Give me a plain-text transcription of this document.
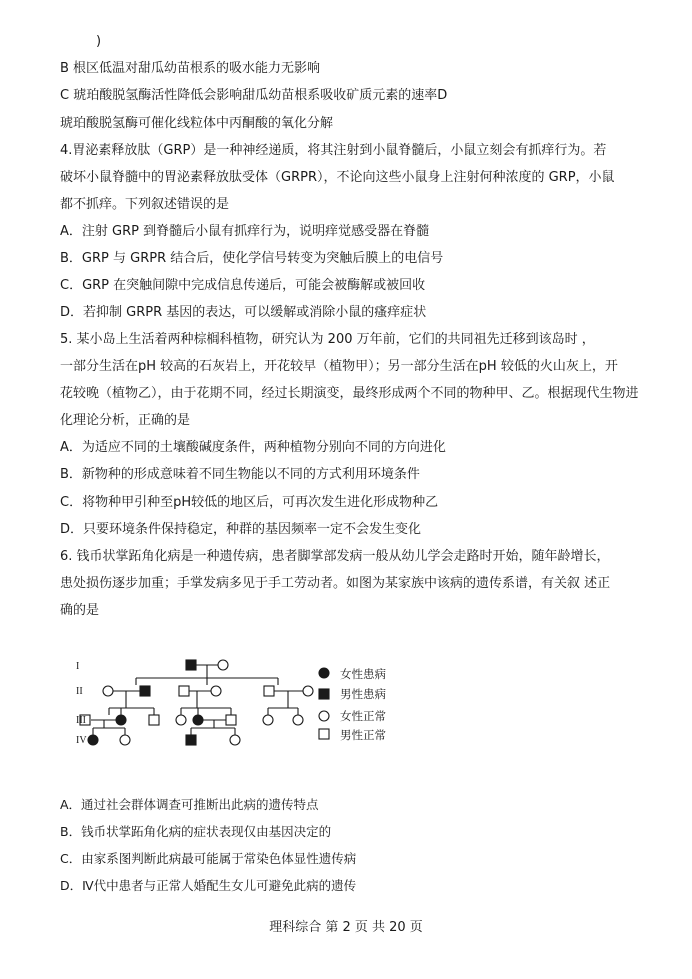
)
B 根区低温对甜瓜幼苗根系的吸水能力无影响
C 琥珀酸脱氢酶活性降低会影响甜瓜幼苗根系吸收矿质元素的速率D
琥珀酸脱氢酶可催化线粒体中丙酮酸的氧化分解
4.胃泌素释放肽（GRP）是一种神经递质，将其注射到小鼠脊髓后，小鼠立刻会有抓痒行为。若
破坏小鼠脊髓中的胃泌素释放肽受体（GRPR），不论向这些小鼠身上注射何种浓度的 GRP，小鼠
都不抓痒。下列叙述错误的是
A．注射 GRP 到脊髓后小鼠有抓痒行为，说明痒觉感受器在脊髓
B．GRP 与 GRPR 结合后，使化学信号转变为突触后膜上的电信号
C．GRP 在突触间隙中完成信息传递后，可能会被酶解或被回收
D．若抑制 GRPR 基因的表达，可以缓解或消除小鼠的瘙痒症状
5. 某小岛上生活着两种棕榈科植物，研究认为 200 万年前，它们的共同祖先迁移到该岛时 ，
一部分生活在pH 较高的石灰岩上，开花较早（植物甲）；另一部分生活在pH 较低的火山灰上，开
花较晚（植物乙），由于花期不同，经过长期演变，最终形成两个不同的物种甲、乙。根据现代生物进
化理论分析，正确的是
A．为适应不同的土壤酸碱度条件，两种植物分别向不同的方向进化
B．新物种的形成意味着不同生物能以不同的方式利用环境条件
C．将物种甲引种至pH较低的地区后，可再次发生进化形成物种乙
D．只要环境条件保持稳定，种群的基因频率一定不会发生变化
6. 钱币状掌跖角化病是一种遗传病，患者脚掌部发病一般从幼儿学会走路时开始，随年龄增长，
患处损伤逐步加重；手掌发病多见于手工劳动者。如图为某家族中该病的遗传系谱，有关叙 述正
确的是
I
II
III
IV
女性患病
男性患病
女性正常
男性正常
A．通过社会群体调查可推断出此病的遗传特点
B．钱币状掌跖角化病的症状表现仅由基因决定的
C．由家系图判断此病最可能属于常染色体显性遗传病
D．Ⅳ代中患者与正常人婚配生女儿可避免此病的遗传
理科综合 第 2 页 共 20 页
